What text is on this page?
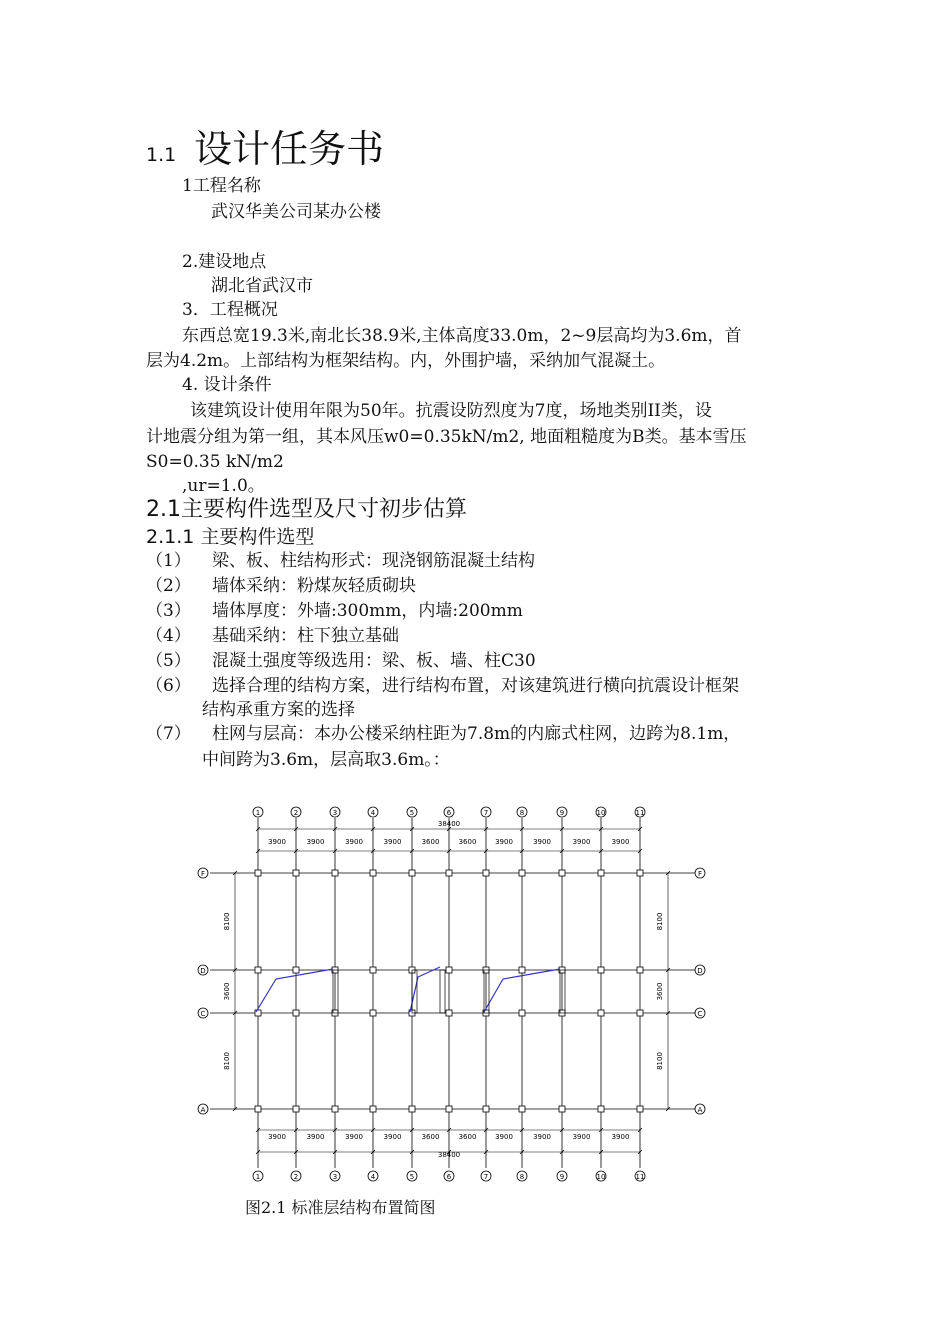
1.1 设计任务书
1工程名称
武汉华美公司某办公楼
2.建设地点
湖北省武汉市
3．工程概况
东西总宽19.3米,南北长38.9米,主体高度33.0m，2~9层高均为3.6m，首
层为4.2m。上部结构为框架结构。内，外围护墙，采纳加气混凝土。
4. 设计条件
该建筑设计使用年限为50年。抗震设防烈度为7度，场地类别II类，设
计地震分组为第一组，其本风压w0=0.35kN/m2, 地面粗糙度为B类。基本雪压
S0=0.35 kN/m2
,ur=1.0。
2.1主要构件选型及尺寸初步估算
2.1.1 主要构件选型
（1） 梁、板、柱结构形式：现浇钢筋混凝土结构
（2） 墙体采纳：粉煤灰轻质砌块
（3） 墙体厚度：外墙:300mm，内墙:200mm
（4） 基础采纳：柱下独立基础
（5） 混凝土强度等级选用：梁、板、墙、柱C30
（6） 选择合理的结构方案，进行结构布置，对该建筑进行横向抗震设计框架
结构承重方案的选择
（7） 柱网与层高：本办公楼采纳柱距为7.8m的内廊式柱网，边跨为8.1m，
中间跨为3.6m，层高取3.6m。：
1	2	3	4	5	6	7	8	9	10	11
1	2	3	4	5	6	7	8	9	10	11
F	F
D	D
C	C
A	A
3900	3900	3900	3900	3600	3600	3900	3900	3900	3900
38400
3900	3900	3900	3900	3600	3600	3900	3900	3900	3900
38400
8100
3600
8100
8100
3600
8100
图2.1 标准层结构布置简图
